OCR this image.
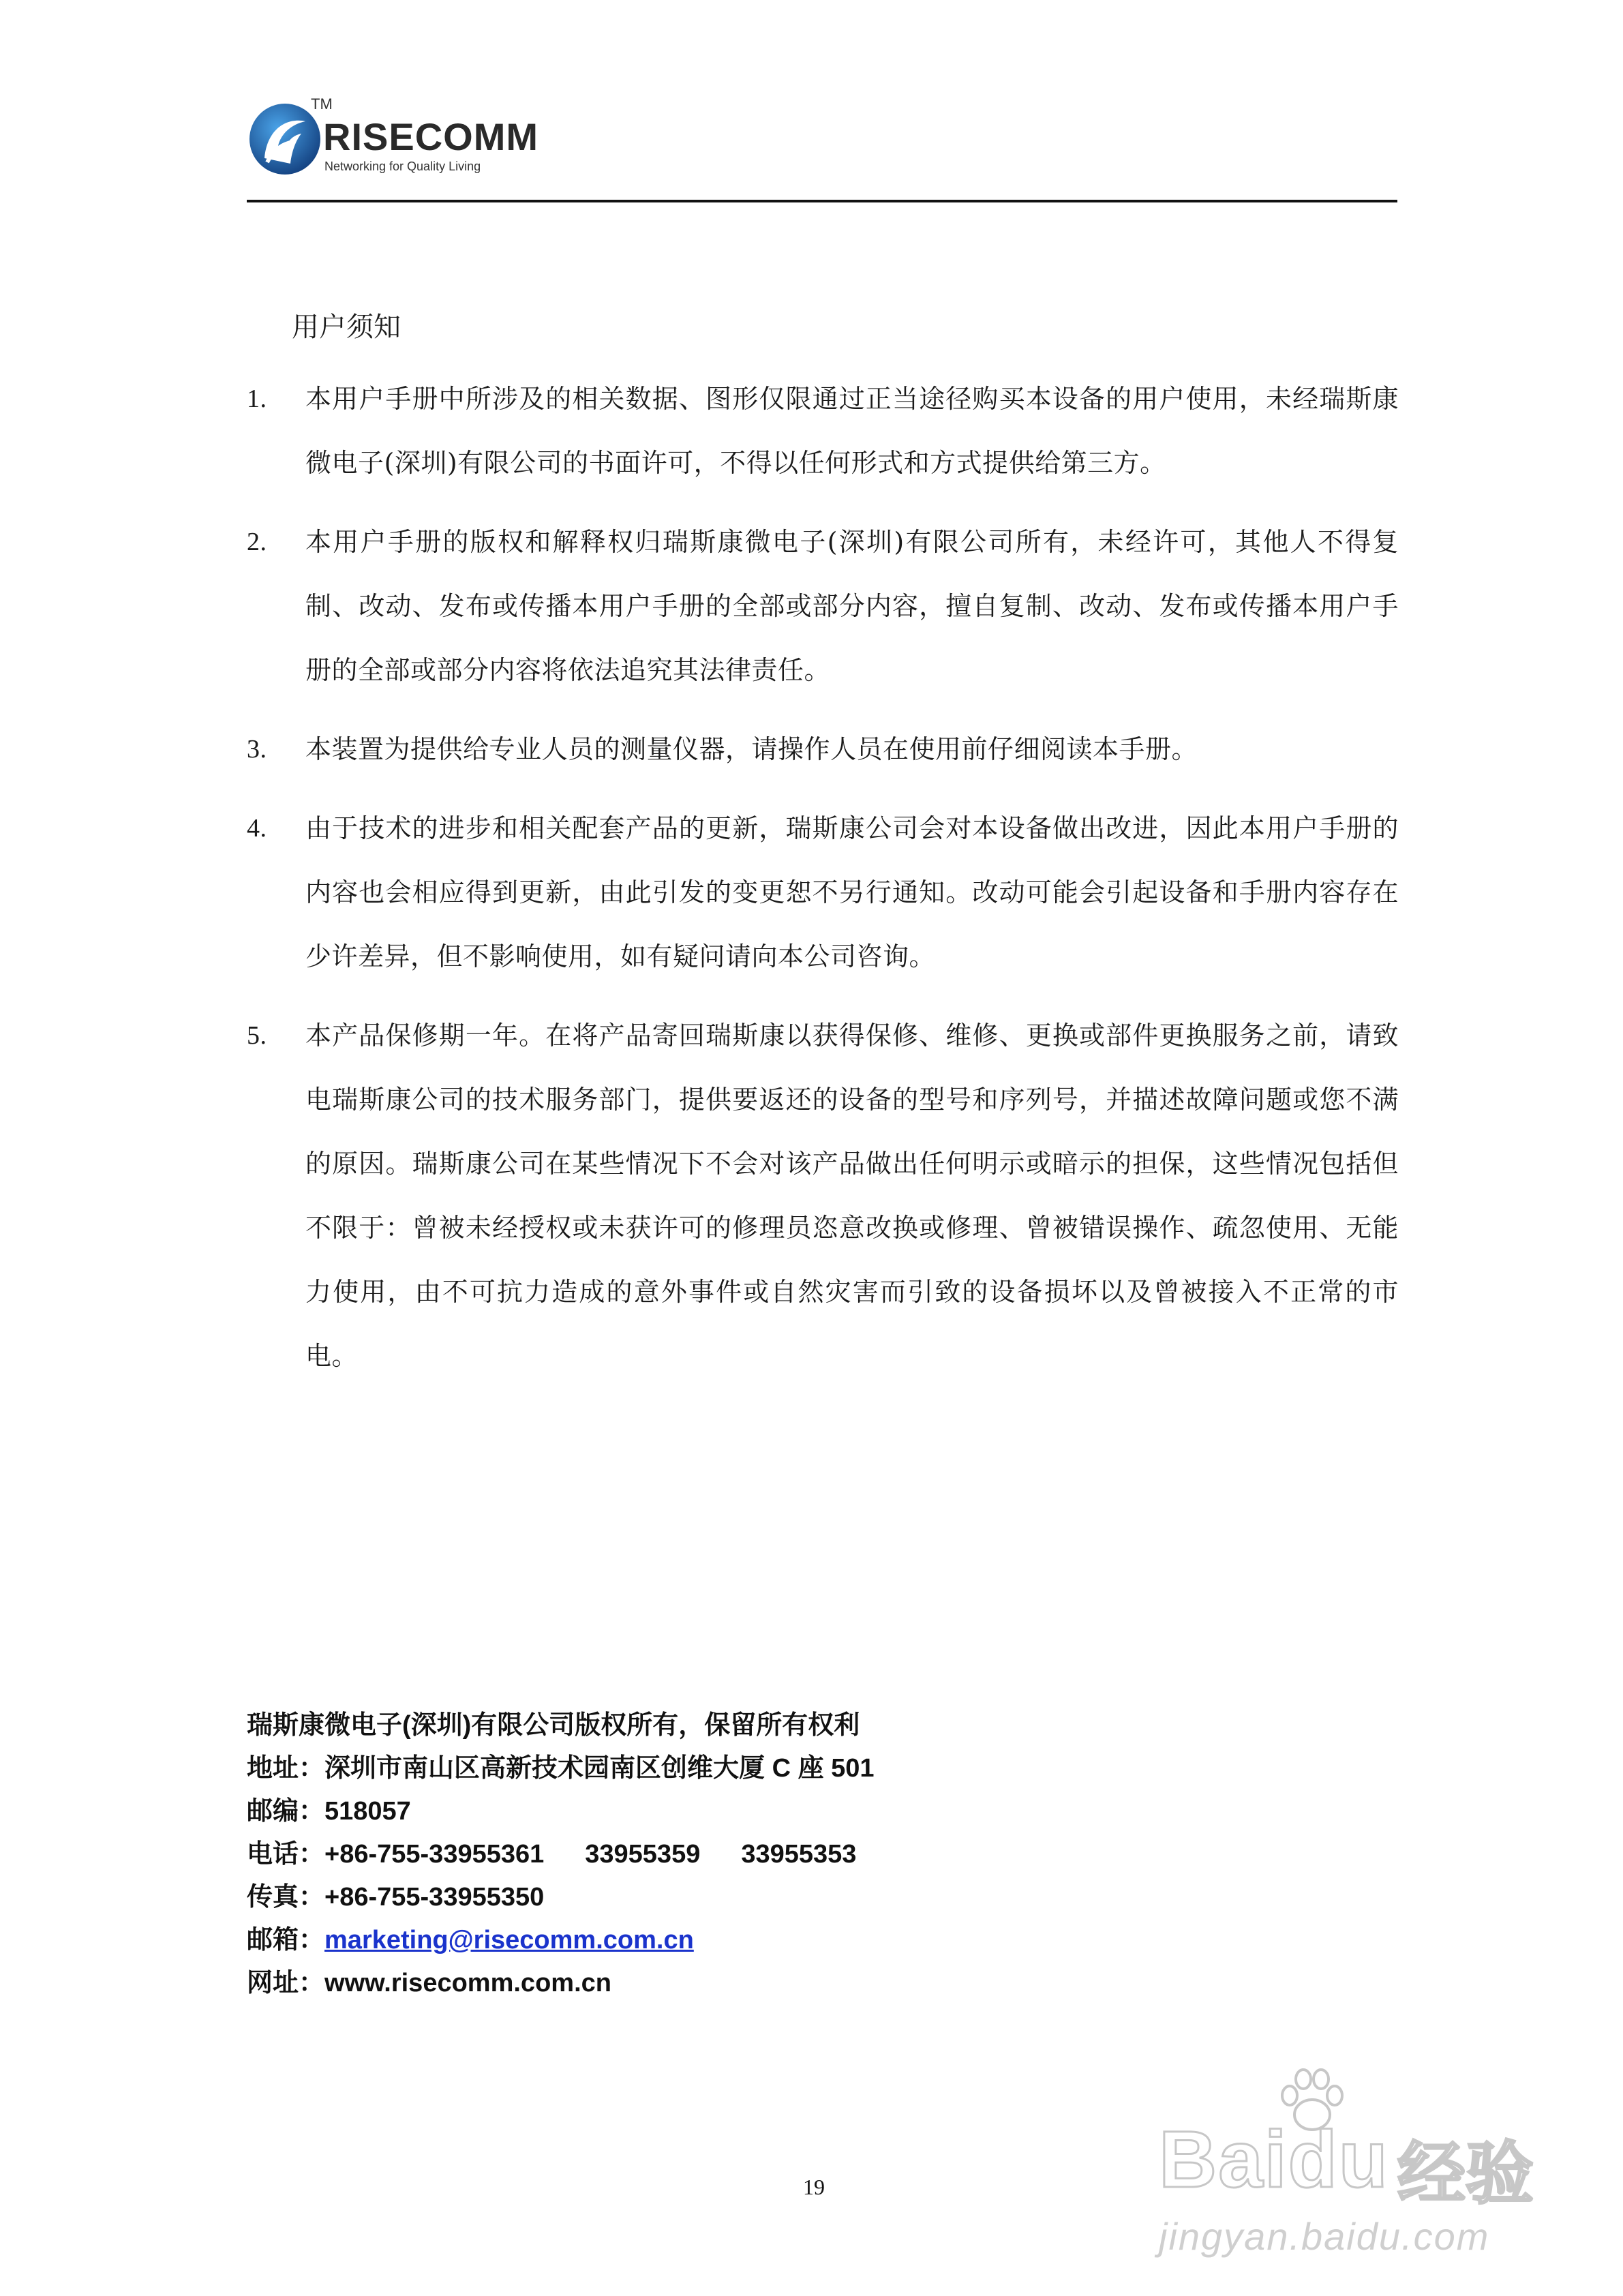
TM
RISECOMM
Networking for Quality Living
用户须知
1. 本用户手册中所涉及的相关数据、图形仅限通过正当途径购买本设备的用户使用，未经瑞斯康微电子(深圳)有限公司的书面许可，不得以任何形式和方式提供给第三方。
2. 本用户手册的版权和解释权归瑞斯康微电子(深圳)有限公司所有，未经许可，其他人不得复制、改动、发布或传播本用户手册的全部或部分内容，擅自复制、改动、发布或传播本用户手册的全部或部分内容将依法追究其法律责任。
3. 本装置为提供给专业人员的测量仪器，请操作人员在使用前仔细阅读本手册。
4. 由于技术的进步和相关配套产品的更新，瑞斯康公司会对本设备做出改进，因此本用户手册的内容也会相应得到更新，由此引发的变更恕不另行通知。改动可能会引起设备和手册内容存在少许差异，但不影响使用，如有疑问请向本公司咨询。
5. 本产品保修期一年。在将产品寄回瑞斯康以获得保修、维修、更换或部件更换服务之前，请致电瑞斯康公司的技术服务部门，提供要返还的设备的型号和序列号，并描述故障问题或您不满的原因。瑞斯康公司在某些情况下不会对该产品做出任何明示或暗示的担保，这些情况包括但不限于：曾被未经授权或未获许可的修理员恣意改换或修理、曾被错误操作、疏忽使用、无能力使用，由不可抗力造成的意外事件或自然灾害而引致的设备损坏以及曾被接入不正常的市电。
瑞斯康微电子(深圳)有限公司版权所有，保留所有权利
地址：深圳市南山区高新技术园南区创维大厦 C 座 501
邮编：518057
电话：+86-755-33955361 33955359 33955353
传真：+86-755-33955350
邮箱：marketing@risecomm.com.cn
网址：www.risecomm.com.cn
19	Baidu 经验
jingyan.baidu.com
